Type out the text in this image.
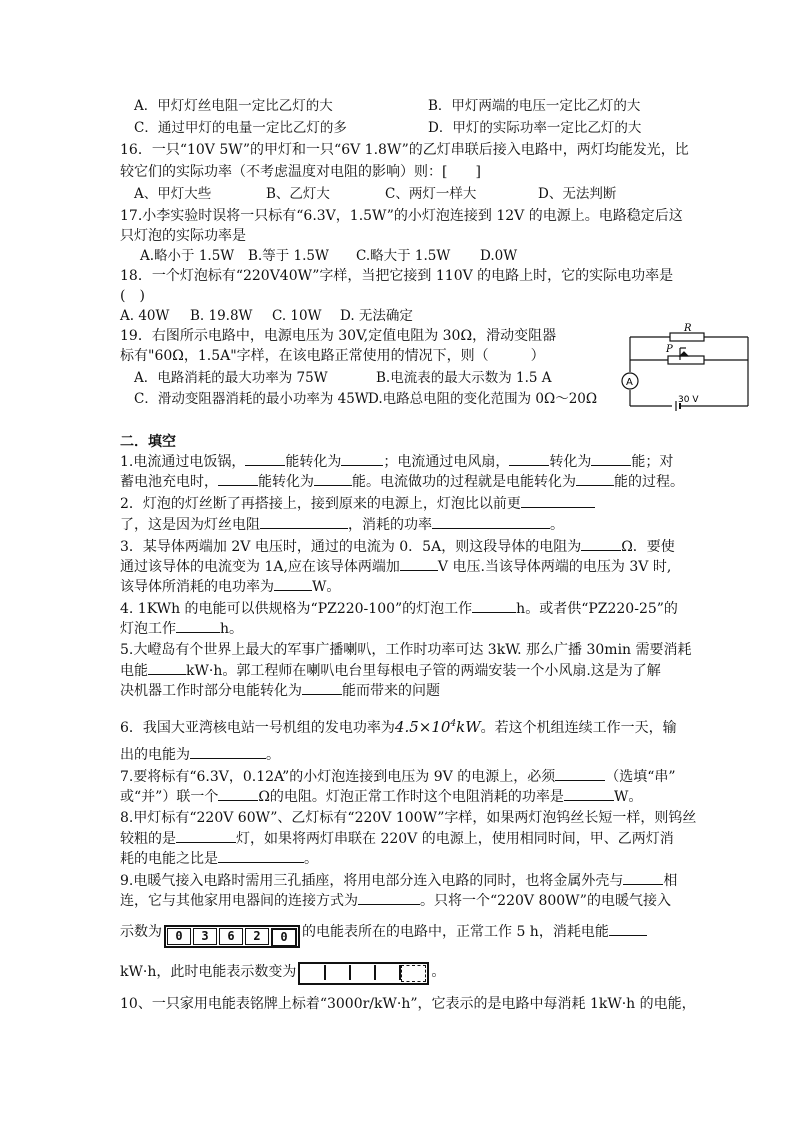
A．甲灯灯丝电阻一定比乙灯的大	B．甲灯两端的电压一定比乙灯的大
C．通过甲灯的电量一定比乙灯的多	D．甲灯的实际功率一定比乙灯的大
16．一只“10V 5W”的甲灯和一只“6V 1.8W”的乙灯串联后接入电路中，两灯均能发光，比
较它们的实际功率（不考虑温度对电阻的影响）则：[　　]
A、甲灯大些	B、乙灯大	C、两灯一样大	D、无法判断
17.小李实验时误将一只标有“6.3V，1.5W”的小灯泡连接到 12V 的电源上。电路稳定后这
只灯泡的实际功率是
A.略小于 1.5W B.等于 1.5W C.略大于 1.5W D.0W
18．一个灯泡标有“220V40W”字样，当把它接到 110V 的电路上时，它的实际电功率是
(　)
A. 40W B. 19.8W C. 10W D. 无法确定
19．右图所示电路中，电源电压为 30V,定值电阻为 30Ω，滑动变阻器
标有"60Ω，1.5A"字样，在该电路正常使用的情况下，则（　　　）
A．电路消耗的最大功率为 75W	B.电流表的最大示数为 1.5 A
C．滑动变阻器消耗的最小功率为 45W D.电路总电阻的变化范围为 0Ω～20Ω
R
P
A
30 V
二．填空
1.电流通过电饭锅，	能转化为	；电流通过电风扇，	转化为	能；对
蓄电池充电时，	能转化为	能。电流做功的过程就是电能转化为	能的过程。
2．灯泡的灯丝断了再搭接上，接到原来的电源上，灯泡比以前更
了，这是因为灯丝电阻	，消耗的功率	。
3．某导体两端加 2V 电压时，通过的电流为 0．5A，则这段导体的电阻为	Ω．要使
通过该导体的电流变为 1A,应在该导体两端加	V 电压.当该导体两端的电压为 3V 时,
该导体所消耗的电功率为	W。
4. 1KWh 的电能可以供规格为“PZ220-100”的灯泡工作	h。或者供“PZ220-25”的
灯泡工作	h。
5.大嶝岛有个世界上最大的军事广播喇叭，工作时功率可达 3kW. 那么广播 30min 需要消耗
电能	kW·h。郭工程师在喇叭电台里每根电子管的两端安装一个小风扇.这是为了解
决机器工作时部分电能转化为	能而带来的问题
6．我国大亚湾核电站一号机组的发电功率为$4.5\times 10^4kW$。若这个机组连续工作一天，输
出的电能为	。
7.要将标有“6.3V，0.12A”的小灯泡连接到电压为 9V 的电源上，必须	（选填“串”
或“并”）联一个	Ω的电阻。灯泡正常工作时这个电阻消耗的功率是	W。
8.甲灯标有“220V 60W”、乙灯标有“220V 100W”字样，如果两灯泡钨丝长短一样，则钨丝
较粗的是	灯，如果将两灯串联在 220V 的电源上，使用相同时间，甲、乙两灯消
耗的电能之比是	。
9.电暖气接入电路时需用三孔插座，将用电部分连入电路的同时，也将金属外壳与	相
连，它与其他家用电器间的连接方式为	。只将一个“220V 800W”的电暖气接入
示数为	0	3	6	2	0	的电能表所在的电路中，正常工作 5 h，消耗电能
kW·h，此时电能表示数变为	。
10、一只家用电能表铭牌上标着“3000r/kW·h”，它表示的是电路中每消耗 1kW·h 的电能，
